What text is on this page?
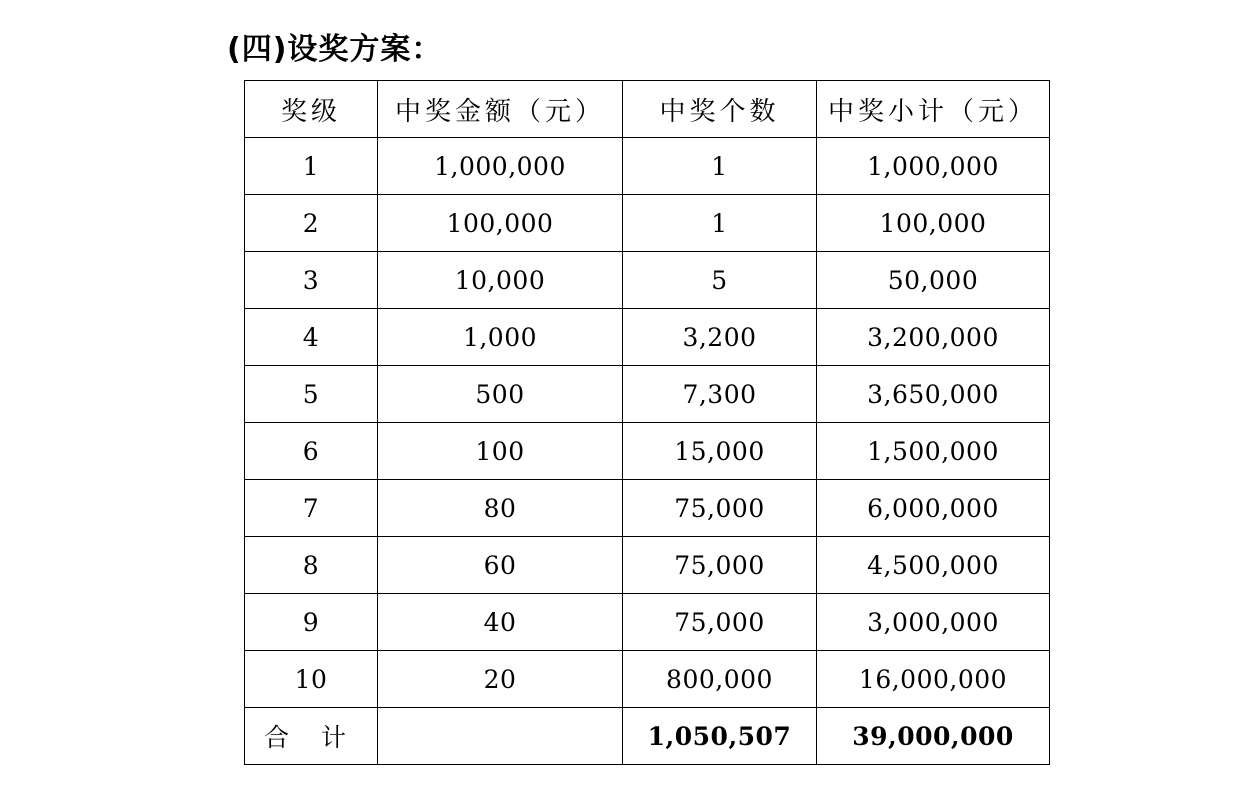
(四)设奖方案：
奖级	中奖金额（元）	中奖个数	中奖小计（元）
1	1,000,000	1	1,000,000
2	100,000	1	100,000
3	10,000	5	50,000
4	1,000	3,200	3,200,000
5	500	7,300	3,650,000
6	100	15,000	1,500,000
7	80	75,000	6,000,000
8	60	75,000	4,500,000
9	40	75,000	3,000,000
10	20	800,000	16,000,000
合 计		1,050,507	39,000,000
